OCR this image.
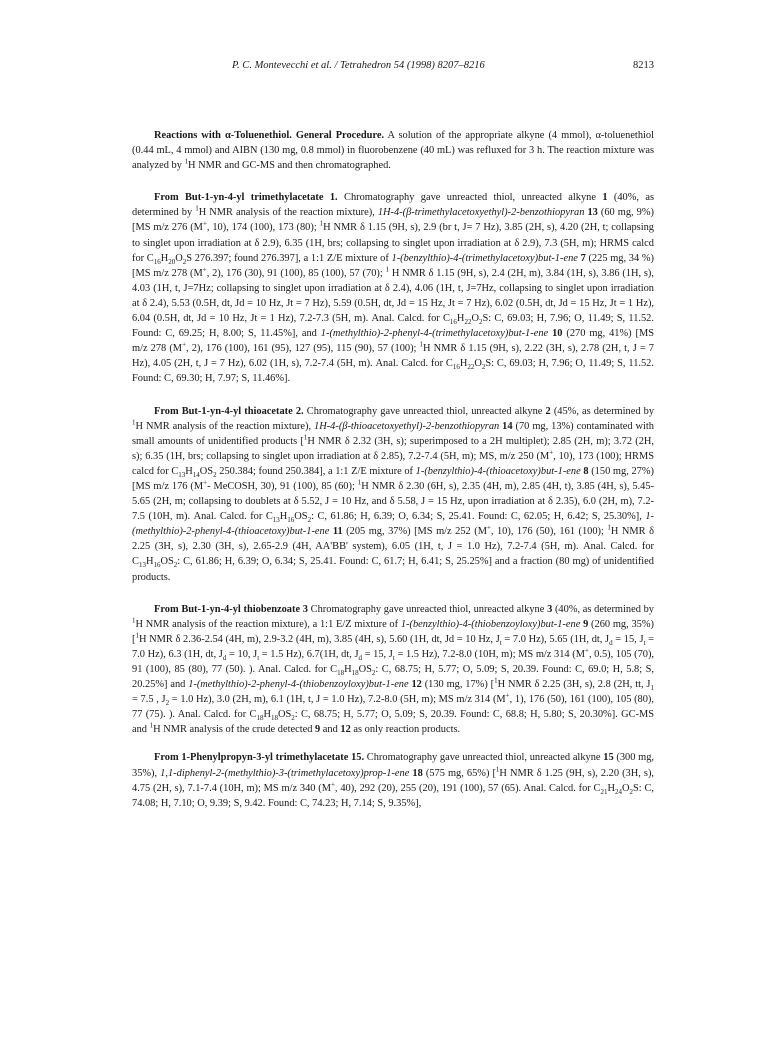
P. C. Montevecchi et al. / Tetrahedron 54 (1998) 8207–8216	8213

Reactions with α-Toluenethiol. General Procedure. A solution of the appropriate alkyne (4 mmol), α-toluenethiol (0.44 mL, 4 mmol) and AIBN (130 mg, 0.8 mmol) in fluorobenzene (40 mL) was refluxed for 3 h. The reaction mixture was analyzed by $^1$H NMR and GC-MS and then chromatographed.

From But-1-yn-4-yl trimethylacetate 1. Chromatography gave unreacted thiol, unreacted alkyne 1 (40%, as determined by $^1$H NMR analysis of the reaction mixture), 1H-4-(β-trimethylacetoxyethyl)-2-benzothiopyran 13 (60 mg, 9%) [MS m/z 276 (M+, 10), 174 (100), 173 (80); $^1$H NMR δ 1.15 (9H, s), 2.9 (br t, J= 7 Hz), 3.85 (2H, s), 4.20 (2H, t; collapsing to singlet upon irradiation at δ 2.9), 6.35 (1H, brs; collapsing to singlet upon irradiation at δ 2.9), 7.3 (5H, m); HRMS calcd for $C_{16}H_{20}O_2S$ 276.397; found 276.397], a 1:1 Z/E mixture of 1-(benzylthio)-4-(trimethylacetoxy)but-1-ene 7 (225 mg, 34 %) [MS m/z 278 (M+, 2), 176 (30), 91 (100), 85 (100), 57 (70); $^1$ H NMR δ 1.15 (9H, s), 2.4 (2H, m), 3.84 (1H, s), 3.86 (1H, s), 4.03 (1H, t, J=7Hz; collapsing to singlet upon irradiation at δ 2.4), 4.06 (1H, t, J=7Hz, collapsing to singlet upon irradiation at δ 2.4), 5.53 (0.5H, dt, Jd = 10 Hz, Jt = 7 Hz), 5.59 (0.5H, dt, Jd = 15 Hz, Jt = 7 Hz), 6.02 (0.5H, dt, Jd = 15 Hz, Jt = 1 Hz), 6.04 (0.5H, dt, Jd = 10 Hz, Jt = 1 Hz), 7.2-7.3 (5H, m). Anal. Calcd. for $C_{16}H_{22}O_2S$: C, 69.03; H, 7.96; O, 11.49; S, 11.52. Found: C, 69.25; H, 8.00; S, 11.45%], and 1-(methylthio)-2-phenyl-4-(trimethylacetoxy)but-1-ene 10 (270 mg, 41%) [MS m/z 278 (M+, 2), 176 (100), 161 (95), 127 (95), 115 (90), 57 (100); $^1$H NMR δ 1.15 (9H, s), 2.22 (3H, s), 2.78 (2H, t, J = 7 Hz), 4.05 (2H, t, J = 7 Hz), 6.02 (1H, s), 7.2-7.4 (5H, m). Anal. Calcd. for $C_{16}H_{22}O_2S$: C, 69.03; H, 7.96; O, 11.49; S, 11.52. Found: C, 69.30; H, 7.97; S, 11.46%].

From But-1-yn-4-yl thioacetate 2. Chromatography gave unreacted thiol, unreacted alkyne 2 (45%, as determined by $^1$H NMR analysis of the reaction mixture), 1H-4-(β-thioacetoxyethyl)-2-benzothiopyran 14 (70 mg, 13%) contaminated with small amounts of unidentified products [$^1$H NMR δ 2.32 (3H, s); superimposed to a 2H multiplet); 2.85 (2H, m); 3.72 (2H, s); 6.35 (1H, brs; collapsing to singlet upon irradiation at δ 2.85), 7.2-7.4 (5H, m); MS, m/z 250 (M+, 10), 173 (100); HRMS calcd for $C_{13}H_{14}OS_2$ 250.384; found 250.384], a 1:1 Z/E mixture of 1-(benzylthio)-4-(thioacetoxy)but-1-ene 8 (150 mg, 27%) [MS m/z 176 (M+- MeCOSH, 30), 91 (100), 85 (60); $^1$H NMR δ 2.30 (6H, s), 2.35 (4H, m), 2.85 (4H, t), 3.85 (4H, s), 5.45-5.65 (2H, m; collapsing to doublets at δ 5.52, J = 10 Hz, and δ 5.58, J = 15 Hz, upon irradiation at δ 2.35), 6.0 (2H, m), 7.2-7.5 (10H, m). Anal. Calcd. for $C_{13}H_{16}OS_2$: C, 61.86; H, 6.39; O, 6.34; S, 25.41. Found: C, 62.05; H, 6.42; S, 25.30%], 1-(methylthio)-2-phenyl-4-(thioacetoxy)but-1-ene 11 (205 mg, 37%) [MS m/z 252 (M+, 10), 176 (50), 161 (100); $^1$H NMR δ 2.25 (3H, s), 2.30 (3H, s), 2.65-2.9 (4H, AA'BB' system), 6.05 (1H, t, J = 1.0 Hz), 7.2-7.4 (5H, m). Anal. Calcd. for $C_{13}H_{16}OS_2$: C, 61.86; H, 6.39; O, 6.34; S, 25.41. Found: C, 61.7; H, 6.41; S, 25.25%] and a fraction (80 mg) of unidentified products.

From But-1-yn-4-yl thiobenzoate 3 Chromatography gave unreacted thiol, unreacted alkyne 3 (40%, as determined by $^1$H NMR analysis of the reaction mixture), a 1:1 E/Z mixture of 1-(benzylthio)-4-(thiobenzoyloxy)but-1-ene 9 (260 mg, 35%) [$^1$H NMR δ 2.36-2.54 (4H, m), 2.9-3.2 (4H, m), 3.85 (4H, s), 5.60 (1H, dt, Jd = 10 Hz, $J_t = 7.0$ Hz), 5.65 (1H, dt, $J_d = 15$, $J_t = 7.0$ Hz), 6.3 (1H, dt, $J_d = 10$, $J_t = 1.5$ Hz), 6.7(1H, dt, $J_d = 15$, $J_t = 1.5$ Hz), 7.2-8.0 (10H, m); MS m/z 314 (M+, 0.5), 105 (70), 91 (100), 85 (80), 77 (50). ). Anal. Calcd. for $C_{18}H_{18}OS_2$: C, 68.75; H, 5.77; O, 5.09; S, 20.39. Found: C, 69.0; H, 5.8; S, 20.25%] and 1-(methylthio)-2-phenyl-4-(thiobenzoyloxy)but-1-ene 12 (130 mg, 17%) [$^1$H NMR δ 2.25 (3H, s), 2.8 (2H, tt, $J_1 = 7.5$ , $J_2 = 1.0$ Hz), 3.0 (2H, m), 6.1 (1H, t, J = 1.0 Hz), 7.2-8.0 (5H, m); MS m/z 314 (M+, 1), 176 (50), 161 (100), 105 (80), 77 (75). ). Anal. Calcd. for $C_{18}H_{18}OS_2$: C, 68.75; H, 5.77; O, 5.09; S, 20.39. Found: C, 68.8; H, 5.80; S, 20.30%]. GC-MS and $^1$H NMR analysis of the crude detected 9 and 12 as only reaction products.

From 1-Phenylpropyn-3-yl trimethylacetate 15. Chromatography gave unreacted thiol, unreacted alkyne 15 (300 mg, 35%), 1,1-diphenyl-2-(methylthio)-3-(trimethylacetoxy)prop-1-ene 18 (575 mg, 65%) [$^1$H NMR δ 1.25 (9H, s), 2.20 (3H, s), 4.75 (2H, s), 7.1-7.4 (10H, m); MS m/z 340 (M+, 40), 292 (20), 255 (20), 191 (100), 57 (65). Anal. Calcd. for $C_{21}H_{24}O_2S$: C, 74.08; H, 7.10; O, 9.39; S, 9.42. Found: C, 74.23; H, 7.14; S, 9.35%],
